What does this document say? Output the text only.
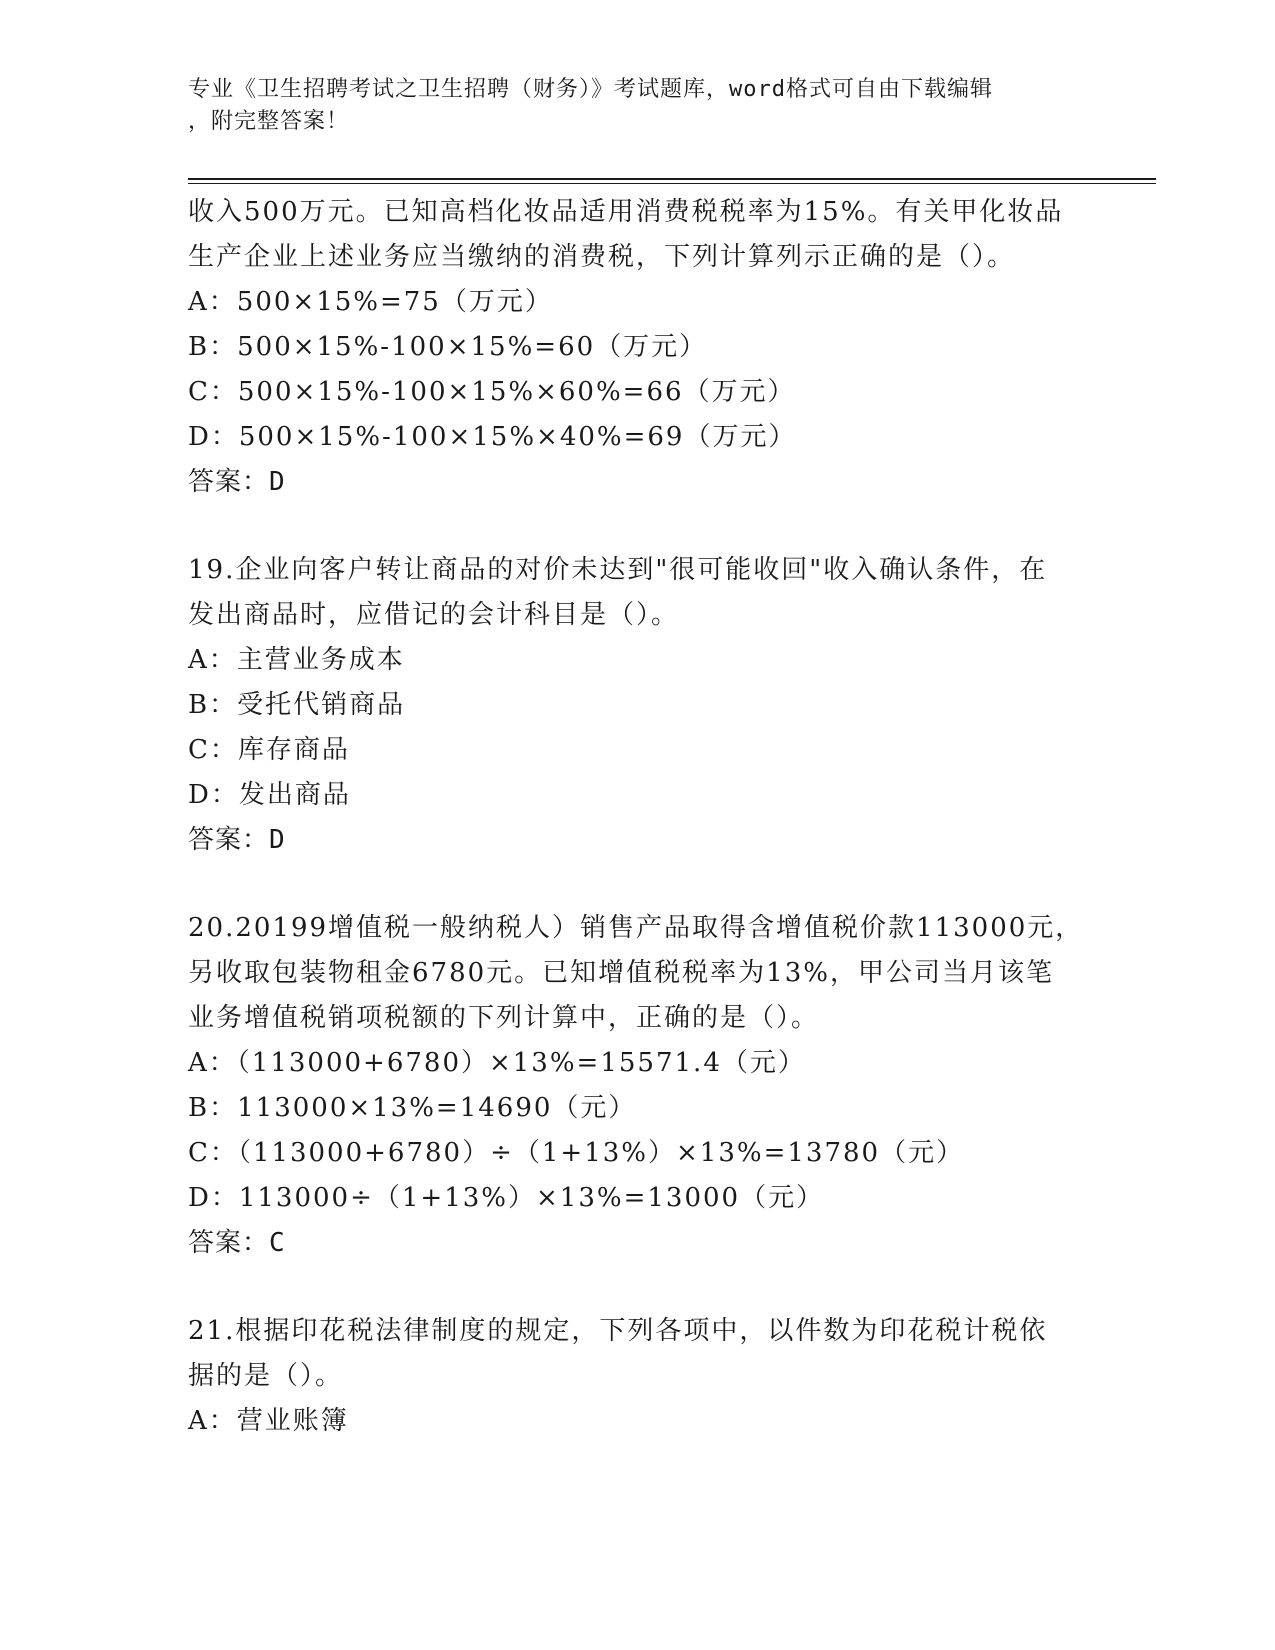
专业《卫生招聘考试之卫生招聘（财务）》考试题库，word格式可自由下载编辑
，附完整答案！
收入500万元。已知高档化妆品适用消费税税率为15%。有关甲化妆品
生产企业上述业务应当缴纳的消费税，下列计算列示正确的是（）。
A：500×15%=75（万元）
B：500×15%-100×15%=60（万元）
C：500×15%-100×15%×60%=66（万元）
D：500×15%-100×15%×40%=69（万元）
答案：D
19.企业向客户转让商品的对价未达到"很可能收回"收入确认条件，在
发出商品时，应借记的会计科目是（）。
A：主营业务成本
B：受托代销商品
C：库存商品
D：发出商品
答案：D
20.20199增值税一般纳税人）销售产品取得含增值税价款113000元，
另收取包装物租金6780元。已知增值税税率为13%，甲公司当月该笔
业务增值税销项税额的下列计算中，正确的是（）。
A：（113000+6780）×13%=15571.4（元）
B：113000×13%=14690（元）
C：（113000+6780）÷（1+13%）×13%=13780（元）
D：113000÷（1+13%）×13%=13000（元）
答案：C
21.根据印花税法律制度的规定，下列各项中，以件数为印花税计税依
据的是（）。
A：营业账簿
